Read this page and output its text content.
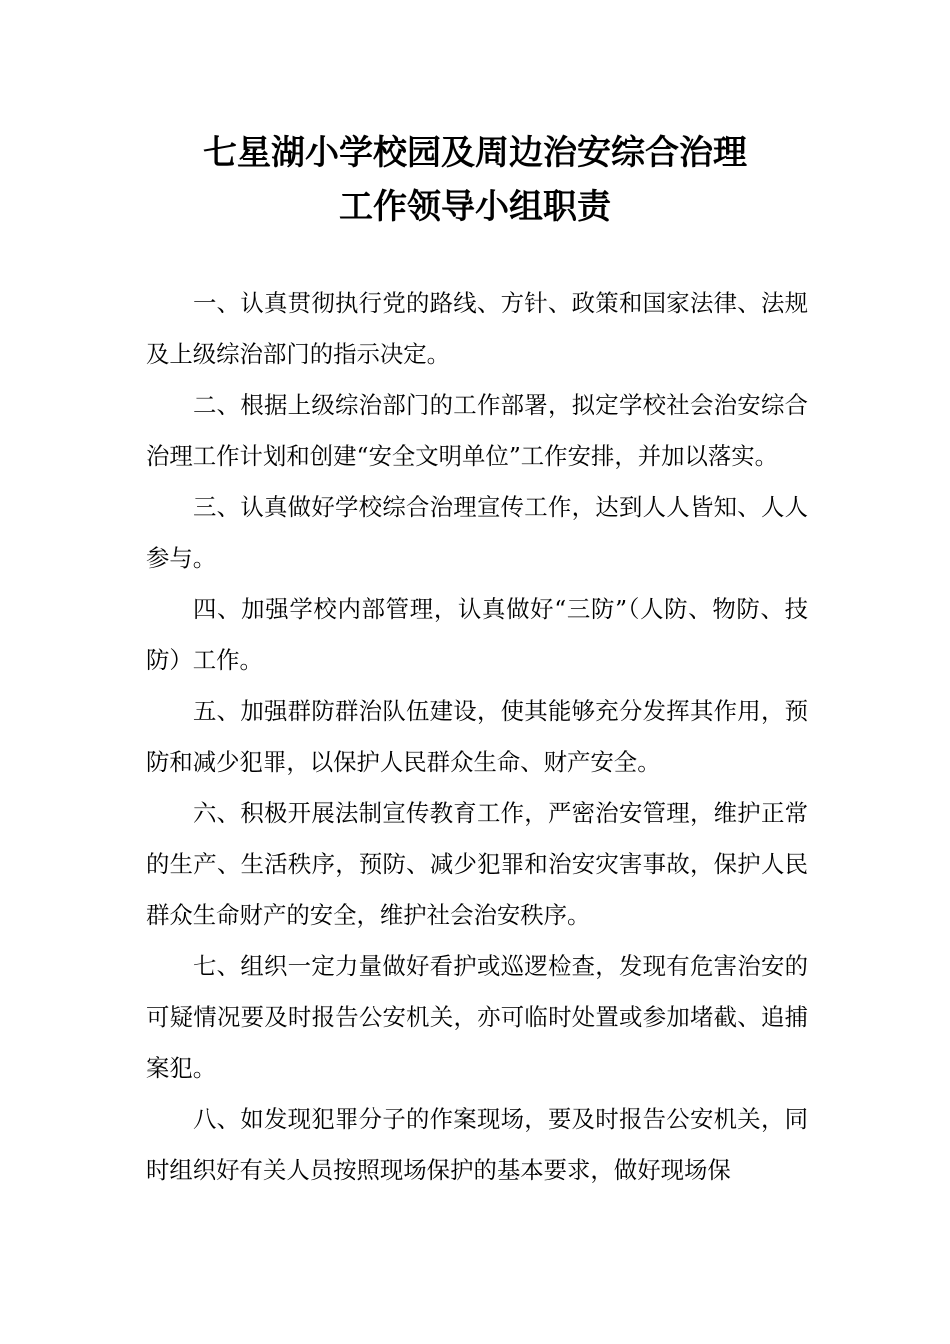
七星湖小学校园及周边治安综合治理
工作领导小组职责

一、认真贯彻执行党的路线、方针、政策和国家法律、法规及上级综治部门的指示决定。

二、根据上级综治部门的工作部署，拟定学校社会治安综合治理工作计划和创建“安全文明单位”工作安排，并加以落实。

三、认真做好学校综合治理宣传工作，达到人人皆知、人人参与。

四、加强学校内部管理，认真做好“三防”（人防、物防、技防）工作。

五、加强群防群治队伍建设，使其能够充分发挥其作用，预防和减少犯罪，以保护人民群众生命、财产安全。

六、积极开展法制宣传教育工作，严密治安管理，维护正常的生产、生活秩序，预防、减少犯罪和治安灾害事故，保护人民群众生命财产的安全，维护社会治安秩序。

七、组织一定力量做好看护或巡逻检查，发现有危害治安的可疑情况要及时报告公安机关，亦可临时处置或参加堵截、追捕案犯。

八、如发现犯罪分子的作案现场，要及时报告公安机关，同时组织好有关人员按照现场保护的基本要求，做好现场保
